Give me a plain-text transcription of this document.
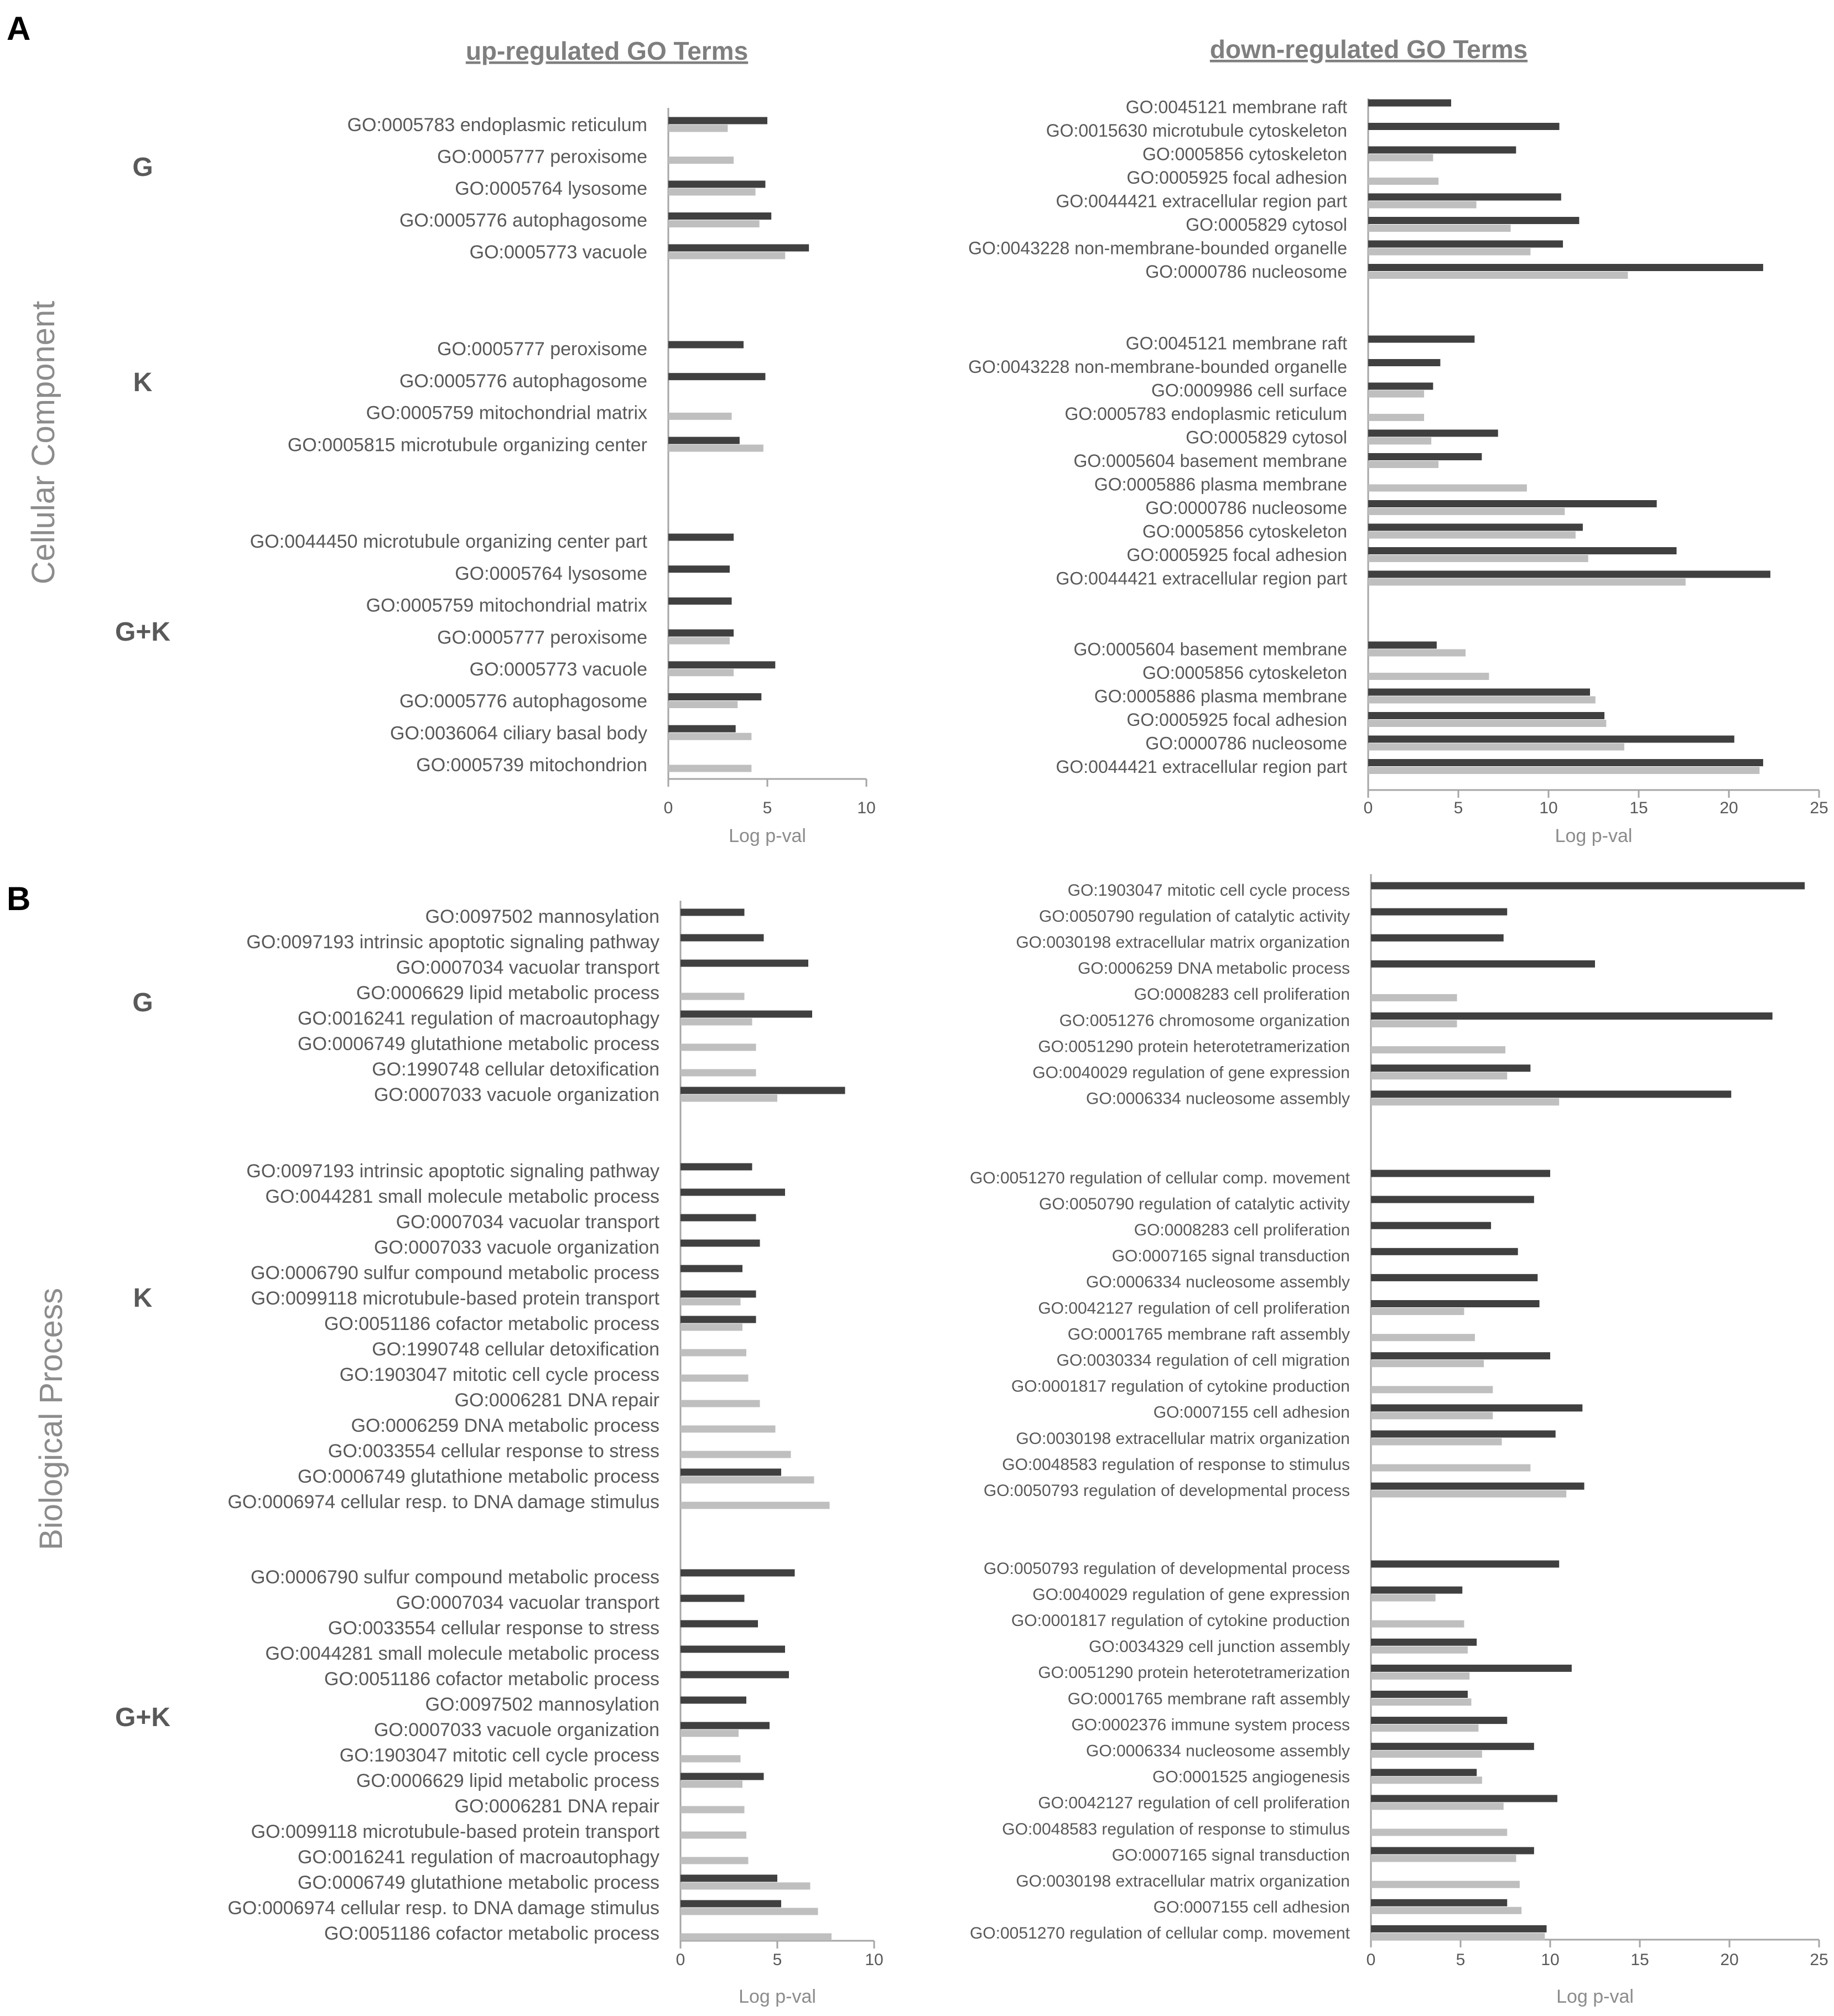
A
B
up-regulated GO Terms	down-regulated GO Terms
Cellular Component
Biological Process
0	5	10
Log p-val
G
GO:0005783 endoplasmic reticulum
GO:0005777 peroxisome
GO:0005764 lysosome
GO:0005776 autophagosome
GO:0005773 vacuole
K
GO:0005777 peroxisome
GO:0005776 autophagosome
GO:0005759 mitochondrial matrix
GO:0005815 microtubule organizing center
G+K
GO:0044450 microtubule organizing center part
GO:0005764 lysosome
GO:0005759 mitochondrial matrix
GO:0005777 peroxisome
GO:0005773 vacuole
GO:0005776 autophagosome
GO:0036064 ciliary basal body
GO:0005739 mitochondrion
0	5	10	15	20	25
Log p-val
GO:0045121 membrane raft
GO:0015630 microtubule cytoskeleton
GO:0005856 cytoskeleton
GO:0005925 focal adhesion
GO:0044421 extracellular region part
GO:0005829 cytosol
GO:0043228 non-membrane-bounded organelle
GO:0000786 nucleosome
GO:0045121 membrane raft
GO:0043228 non-membrane-bounded organelle
GO:0009986 cell surface
GO:0005783 endoplasmic reticulum
GO:0005829 cytosol
GO:0005604 basement membrane
GO:0005886 plasma membrane
GO:0000786 nucleosome
GO:0005856 cytoskeleton
GO:0005925 focal adhesion
GO:0044421 extracellular region part
GO:0005604 basement membrane
GO:0005856 cytoskeleton
GO:0005886 plasma membrane
GO:0005925 focal adhesion
GO:0000786 nucleosome
GO:0044421 extracellular region part
0	5	10
Log p-val
G
GO:0097502 mannosylation
GO:0097193 intrinsic apoptotic signaling pathway
GO:0007034 vacuolar transport
GO:0006629 lipid metabolic process
GO:0016241 regulation of macroautophagy
GO:0006749 glutathione metabolic process
GO:1990748 cellular detoxification
GO:0007033 vacuole organization
K
GO:0097193 intrinsic apoptotic signaling pathway
GO:0044281 small molecule metabolic process
GO:0007034 vacuolar transport
GO:0007033 vacuole organization
GO:0006790 sulfur compound metabolic process
GO:0099118 microtubule-based protein transport
GO:0051186 cofactor metabolic process
GO:1990748 cellular detoxification
GO:1903047 mitotic cell cycle process
GO:0006281 DNA repair
GO:0006259 DNA metabolic process
GO:0033554 cellular response to stress
GO:0006749 glutathione metabolic process
GO:0006974 cellular resp. to DNA damage stimulus
G+K
GO:0006790 sulfur compound metabolic process
GO:0007034 vacuolar transport
GO:0033554 cellular response to stress
GO:0044281 small molecule metabolic process
GO:0051186 cofactor metabolic process
GO:0097502 mannosylation
GO:0007033 vacuole organization
GO:1903047 mitotic cell cycle process
GO:0006629 lipid metabolic process
GO:0006281 DNA repair
GO:0099118 microtubule-based protein transport
GO:0016241 regulation of macroautophagy
GO:0006749 glutathione metabolic process
GO:0006974 cellular resp. to DNA damage stimulus
GO:0051186 cofactor metabolic process
0	5	10	15	20	25
Log p-val
GO:1903047 mitotic cell cycle process
GO:0050790 regulation of catalytic activity
GO:0030198 extracellular matrix organization
GO:0006259 DNA metabolic process
GO:0008283 cell proliferation
GO:0051276 chromosome organization
GO:0051290 protein heterotetramerization
GO:0040029 regulation of gene expression
GO:0006334 nucleosome assembly
GO:0051270 regulation of cellular comp. movement
GO:0050790 regulation of catalytic activity
GO:0008283 cell proliferation
GO:0007165 signal transduction
GO:0006334 nucleosome assembly
GO:0042127 regulation of cell proliferation
GO:0001765 membrane raft assembly
GO:0030334 regulation of cell migration
GO:0001817 regulation of cytokine production
GO:0007155 cell adhesion
GO:0030198 extracellular matrix organization
GO:0048583 regulation of response to stimulus
GO:0050793 regulation of developmental process
GO:0050793 regulation of developmental process
GO:0040029 regulation of gene expression
GO:0001817 regulation of cytokine production
GO:0034329 cell junction assembly
GO:0051290 protein heterotetramerization
GO:0001765 membrane raft assembly
GO:0002376 immune system process
GO:0006334 nucleosome assembly
GO:0001525 angiogenesis
GO:0042127 regulation of cell proliferation
GO:0048583 regulation of response to stimulus
GO:0007165 signal transduction
GO:0030198 extracellular matrix organization
GO:0007155 cell adhesion
GO:0051270 regulation of cellular comp. movement
